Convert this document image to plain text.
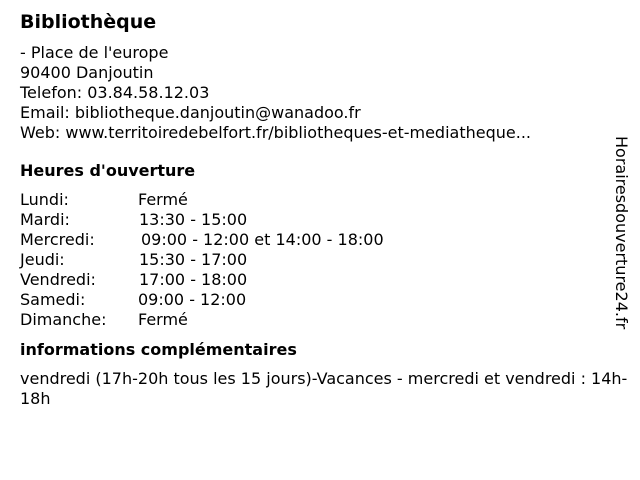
Bibliothèque
- Place de l'europe
90400 Danjoutin
Telefon: 03.84.58.12.03
Email: bibliotheque.danjoutin@wanadoo.fr
Web: www.territoiredebelfort.fr/bibliotheques-et-mediatheque...
Heures d'ouverture
Lundi:	Fermé
Mardi:	13:30 - 15:00
Mercredi:	09:00 - 12:00 et 14:00 - 18:00
Jeudi:	15:30 - 17:00
Vendredi:	17:00 - 18:00
Samedi:	09:00 - 12:00
Dimanche:	Fermé
informations complémentaires
vendredi (17h-20h tous les 15 jours)-Vacances - mercredi et vendredi : 14h-18h
Horairesdouverture24.fr
